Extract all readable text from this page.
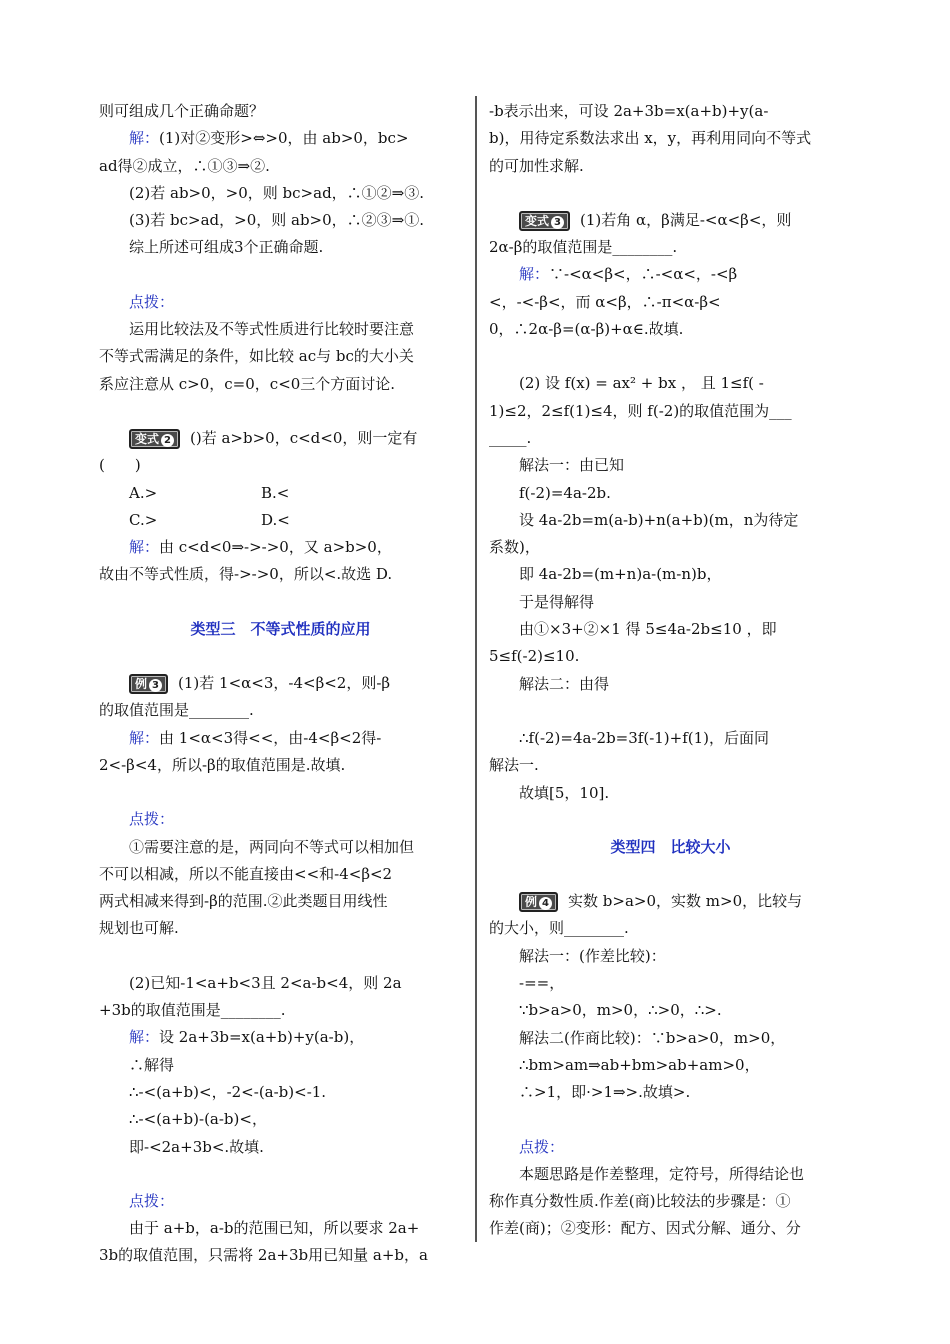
则可组成几个正确命题？
解：(1)对②变形>⇔>0，由 ab>0，bc>
ad得②成立，∴①③⇒②.
(2)若 ab>0，>0，则 bc>ad，∴①②⇒③.
(3)若 bc>ad，>0，则 ab>0，∴②③⇒①.
综上所述可组成3个正确命题.
点拨：
运用比较法及不等式性质进行比较时要注意
不等式需满足的条件，如比较 ac与 bc的大小关
系应注意从 c>0，c=0，c<0三个方面讨论.
变式 2 ()若 a>b>0，c<d<0，则一定有
(　　)
A.>	B.<
C.>	D.<
解：由 c<d<0⇒->->0，又 a>b>0，
故由不等式性质，得->->0，所以<.故选 D.
类型三　不等式性质的应用
例 3 (1)若 1<α<3，-4<β<2，则-β
的取值范围是________.
解：由 1<α<3得<<，由-4<β<2得-
2<-β<4，所以-β的取值范围是.故填.
点拨：
①需要注意的是，两同向不等式可以相加但
不可以相减，所以不能直接由<<和-4<β<2
两式相减来得到-β的范围.②此类题目用线性
规划也可解.
(2)已知-1<a+b<3且 2<a-b<4，则 2a
+3b的取值范围是________.
解：设 2a+3b=x(a+b)+y(a-b)，
∴解得
∴-<(a+b)<，-2<-(a-b)<-1.
∴-<(a+b)-(a-b)<，
即-<2a+3b<.故填.
点拨：
由于 a+b，a-b的范围已知，所以要求 2a+
3b的取值范围，只需将 2a+3b用已知量 a+b，a
-b表示出来，可设 2a+3b=x(a+b)+y(a-
b)，用待定系数法求出 x，y，再利用同向不等式
的可加性求解.
变式 3 (1)若角 α，β满足-<α<β<，则
2α-β的取值范围是________.
解：∵-<α<β<，∴-<α<，-<β
<，-<-β<，而 α<β，∴-π<α-β<
0，∴2α-β=(α-β)+α∈.故填.
(2) 设 f(x) = ax² + bx ， 且 1≤f( -
1)≤2，2≤f(1)≤4，则 f(-2)的取值范围为___
_____.
解法一：由已知
f(-2)=4a-2b.
设 4a-2b=m(a-b)+n(a+b)(m，n为待定
系数)，
即 4a-2b=(m+n)a-(m-n)b，
于是得解得
由①×3+②×1 得 5≤4a-2b≤10 ，即
5≤f(-2)≤10.
解法二：由得
∴f(-2)=4a-2b=3f(-1)+f(1)，后面同
解法一.
故填[5，10].
类型四　比较大小
例 4 实数 b>a>0，实数 m>0，比较与
的大小，则________.
解法一：(作差比较)：
-==，
∵b>a>0，m>0，∴>0，∴>.
解法二(作商比较)：∵b>a>0，m>0，
∴bm>am⇒ab+bm>ab+am>0，
∴>1，即·>1⇒>.故填>.
点拨：
本题思路是作差整理，定符号，所得结论也
称作真分数性质.作差(商)比较法的步骤是：①
作差(商)；②变形：配方、因式分解、通分、分
